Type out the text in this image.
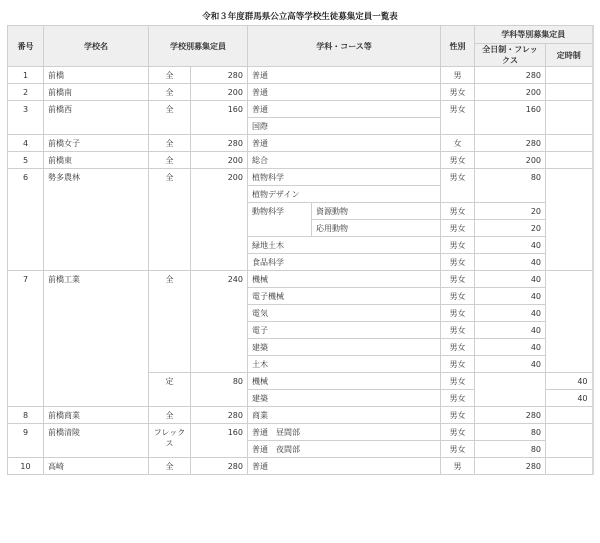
令和３年度群馬県公立高等学校生徒募集定員一覧表
番号	学校名	学校別募集定員		学科・コース等		性別	学科等別募集定員	
							全日制・フレックス	定時制
1	前橋	全	280	普通		男	280	
2	前橋南	全	200	普通		男女	200	
3	前橋西	全	160	普通		男女	160	
				国際				
4	前橋女子	全	280	普通		女	280	
5	前橋東	全	200	総合		男女	200	
6	勢多農林	全	200	植物科学		男女	80	
				植物デザイン				
				動物科学	資源動物	男女	20	
					応用動物	男女	20	
				緑地土木		男女	40	
				食品科学		男女	40	
7	前橋工業	全	240	機械		男女	40	
				電子機械		男女	40	
				電気		男女	40	
				電子		男女	40	
				建築		男女	40	
				土木		男女	40	
		定	80	機械		男女		40
				建築		男女		40
8	前橋商業	全	280	商業		男女	280	
9	前橋清陵	フレックス	160	普通　昼間部		男女	80	
				普通　夜間部		男女	80	
10	高崎	全	280	普通		男	280	
